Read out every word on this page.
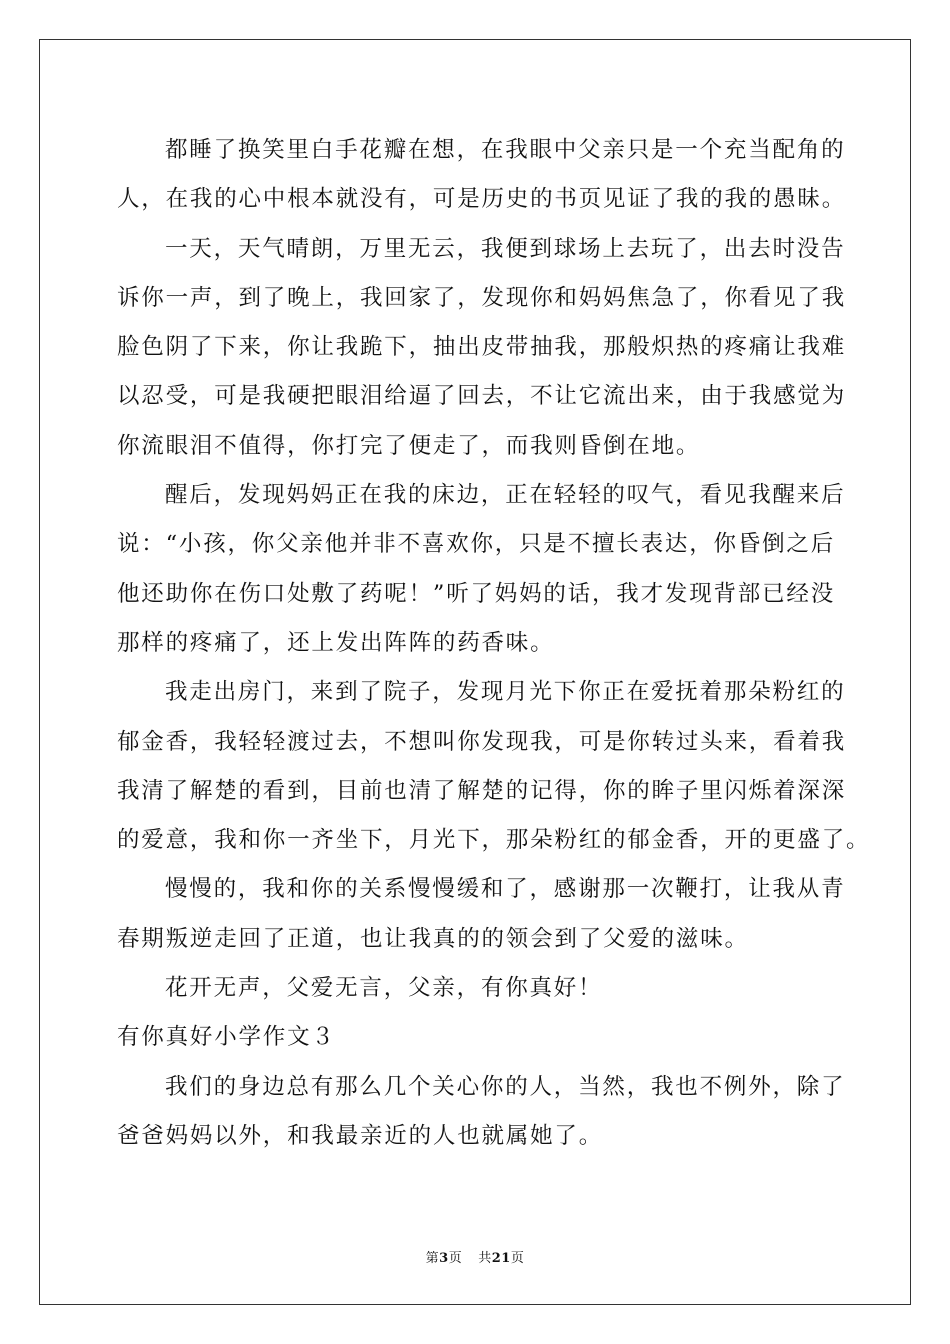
都睡了换笑里白手花瓣在想，在我眼中父亲只是一个充当配角的
人，在我的心中根本就没有，可是历史的书页见证了我的我的愚昧。
一天，天气晴朗，万里无云，我便到球场上去玩了，出去时没告
诉你一声，到了晚上，我回家了，发现你和妈妈焦急了，你看见了我
脸色阴了下来，你让我跪下，抽出皮带抽我，那般炽热的疼痛让我难
以忍受，可是我硬把眼泪给逼了回去，不让它流出来，由于我感觉为
你流眼泪不值得，你打完了便走了，而我则昏倒在地。
醒后，发现妈妈正在我的床边，正在轻轻的叹气，看见我醒来后
说：“小孩，你父亲他并非不喜欢你，只是不擅长表达，你昏倒之后
他还助你在伤口处敷了药呢！”听了妈妈的话，我才发现背部已经没
那样的疼痛了，还上发出阵阵的药香味。
我走出房门，来到了院子，发现月光下你正在爱抚着那朵粉红的
郁金香，我轻轻渡过去，不想叫你发现我，可是你转过头来，看着我
我清了解楚的看到，目前也清了解楚的记得，你的眸子里闪烁着深深
的爱意，我和你一齐坐下，月光下，那朵粉红的郁金香，开的更盛了。
慢慢的，我和你的关系慢慢缓和了，感谢那一次鞭打，让我从青
春期叛逆走回了正道，也让我真的的领会到了父爱的滋味。
花开无声，父爱无言，父亲，有你真好！
有你真好小学作文３
我们的身边总有那么几个关心你的人，当然，我也不例外，除了
爸爸妈妈以外，和我最亲近的人也就属她了。
第3页 共21页
